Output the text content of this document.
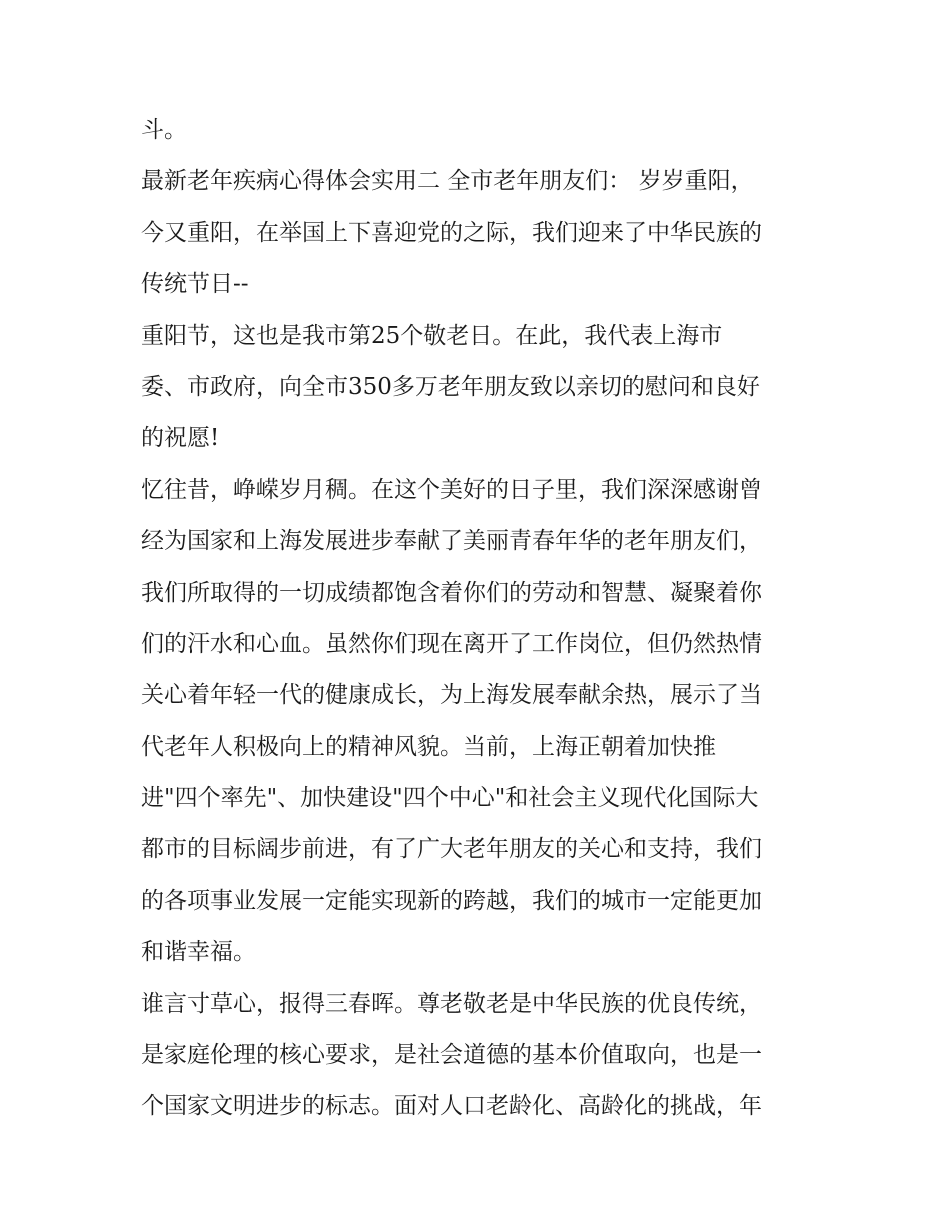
斗。
最新老年疾病心得体会实用二 全市老年朋友们： 岁岁重阳，
今又重阳，在举国上下喜迎党的之际，我们迎来了中华民族的
传统节日--
重阳节，这也是我市第25个敬老日。在此，我代表上海市
委、市政府，向全市350多万老年朋友致以亲切的慰问和良好
的祝愿!
忆往昔，峥嵘岁月稠。在这个美好的日子里，我们深深感谢曾
经为国家和上海发展进步奉献了美丽青春年华的老年朋友们，
我们所取得的一切成绩都饱含着你们的劳动和智慧、凝聚着你
们的汗水和心血。虽然你们现在离开了工作岗位，但仍然热情
关心着年轻一代的健康成长，为上海发展奉献余热，展示了当
代老年人积极向上的精神风貌。当前，上海正朝着加快推
进"四个率先"、加快建设"四个中心"和社会主义现代化国际大
都市的目标阔步前进，有了广大老年朋友的关心和支持，我们
的各项事业发展一定能实现新的跨越，我们的城市一定能更加
和谐幸福。
谁言寸草心，报得三春晖。尊老敬老是中华民族的优良传统，
是家庭伦理的核心要求，是社会道德的基本价值取向，也是一
个国家文明进步的标志。面对人口老龄化、高龄化的挑战，年
